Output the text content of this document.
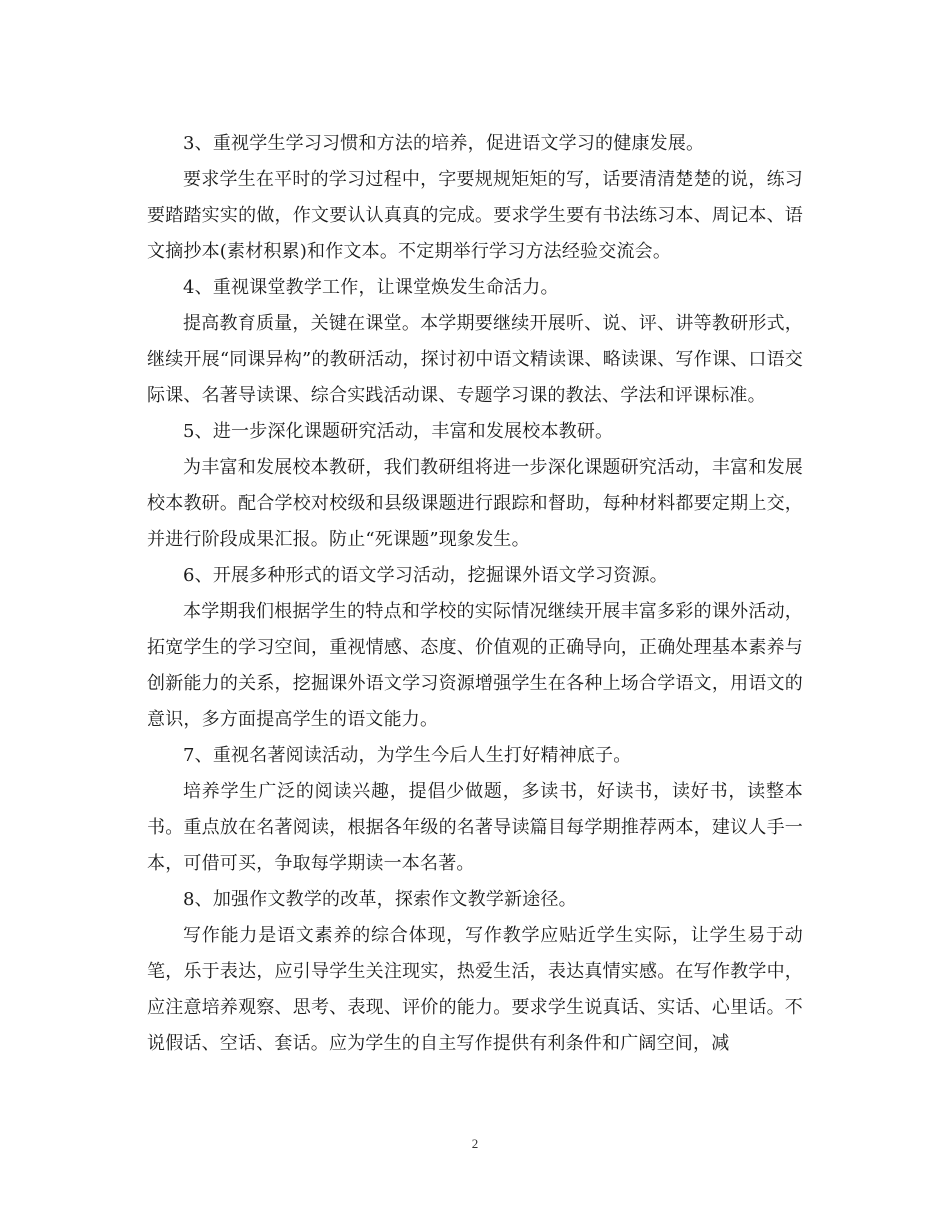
3、重视学生学习习惯和方法的培养，促进语文学习的健康发展。

要求学生在平时的学习过程中，字要规规矩矩的写，话要清清楚楚的说，练习要踏踏实实的做，作文要认认真真的完成。要求学生要有书法练习本、周记本、语文摘抄本(素材积累)和作文本。不定期举行学习方法经验交流会。

4、重视课堂教学工作，让课堂焕发生命活力。

提高教育质量，关键在课堂。本学期要继续开展听、说、评、讲等教研形式，继续开展“同课异构”的教研活动，探讨初中语文精读课、略读课、写作课、口语交际课、名著导读课、综合实践活动课、专题学习课的教法、学法和评课标准。

5、进一步深化课题研究活动，丰富和发展校本教研。

为丰富和发展校本教研，我们教研组将进一步深化课题研究活动，丰富和发展校本教研。配合学校对校级和县级课题进行跟踪和督助，每种材料都要定期上交，并进行阶段成果汇报。防止“死课题”现象发生。

6、开展多种形式的语文学习活动，挖掘课外语文学习资源。

本学期我们根据学生的特点和学校的实际情况继续开展丰富多彩的课外活动，拓宽学生的学习空间，重视情感、态度、价值观的正确导向，正确处理基本素养与创新能力的关系，挖掘课外语文学习资源增强学生在各种上场合学语文，用语文的意识，多方面提高学生的语文能力。

7、重视名著阅读活动，为学生今后人生打好精神底子。

培养学生广泛的阅读兴趣，提倡少做题，多读书，好读书，读好书，读整本书。重点放在名著阅读，根据各年级的名著导读篇目每学期推荐两本，建议人手一本，可借可买，争取每学期读一本名著。

8、加强作文教学的改革，探索作文教学新途径。

写作能力是语文素养的综合体现，写作教学应贴近学生实际，让学生易于动笔，乐于表达，应引导学生关注现实，热爱生活，表达真情实感。在写作教学中，应注意培养观察、思考、表现、评价的能力。要求学生说真话、实话、心里话。不说假话、空话、套话。应为学生的自主写作提供有利条件和广阔空间，减

2
